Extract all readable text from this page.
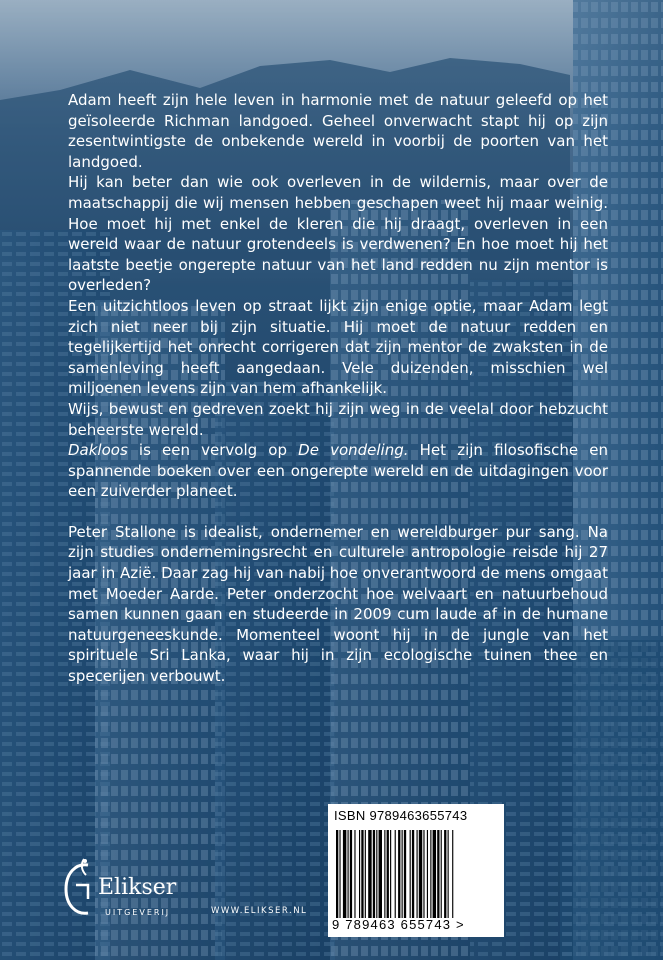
Adam heeft zijn hele leven in harmonie met de natuur geleefd op het geïsoleerde Richman landgoed. Geheel onverwacht stapt hij op zijn zesentwintigste de onbekende wereld in voorbij de poorten van het landgoed.

Hij kan beter dan wie ook overleven in de wildernis, maar over de maatschappij die wij mensen hebben geschapen weet hij maar weinig. Hoe moet hij met enkel de kleren die hij draagt, overleven in een wereld waar de natuur grotendeels is verdwenen? En hoe moet hij het laatste beetje ongerepte natuur van het land redden nu zijn mentor is overleden?

Een uitzichtloos leven op straat lijkt zijn enige optie, maar Adam legt zich niet neer bij zijn situatie. Hij moet de natuur redden en tegelijkertijd het onrecht corrigeren dat zijn mentor de zwaksten in de samenleving heeft aangedaan. Vele duizenden, misschien wel miljoenen levens zijn van hem afhankelijk.

Wijs, bewust en gedreven zoekt hij zijn weg in de veelal door hebzucht beheerste wereld.

Dakloos is een vervolg op De vondeling. Het zijn filosofische en spannende boeken over een ongerepte wereld en de uitdagingen voor een zuiverder planeet.

Peter Stallone is idealist, ondernemer en wereldburger pur sang. Na zijn studies ondernemingsrecht en culturele antropologie reisde hij 27 jaar in Azië. Daar zag hij van nabij hoe onverantwoord de mens omgaat met Moeder Aarde. Peter onderzocht hoe welvaart en natuurbehoud samen kunnen gaan en studeerde in 2009 cum laude af in de humane natuurgeneeskunde. Momenteel woont hij in de jungle van het spirituele Sri Lanka, waar hij in zijn ecologische tuinen thee en specerijen verbouwt.

ISBN 9789463655743
9 789463 655743 >
Elikser
UITGEVERIJ	WWW.ELIKSER.NL
